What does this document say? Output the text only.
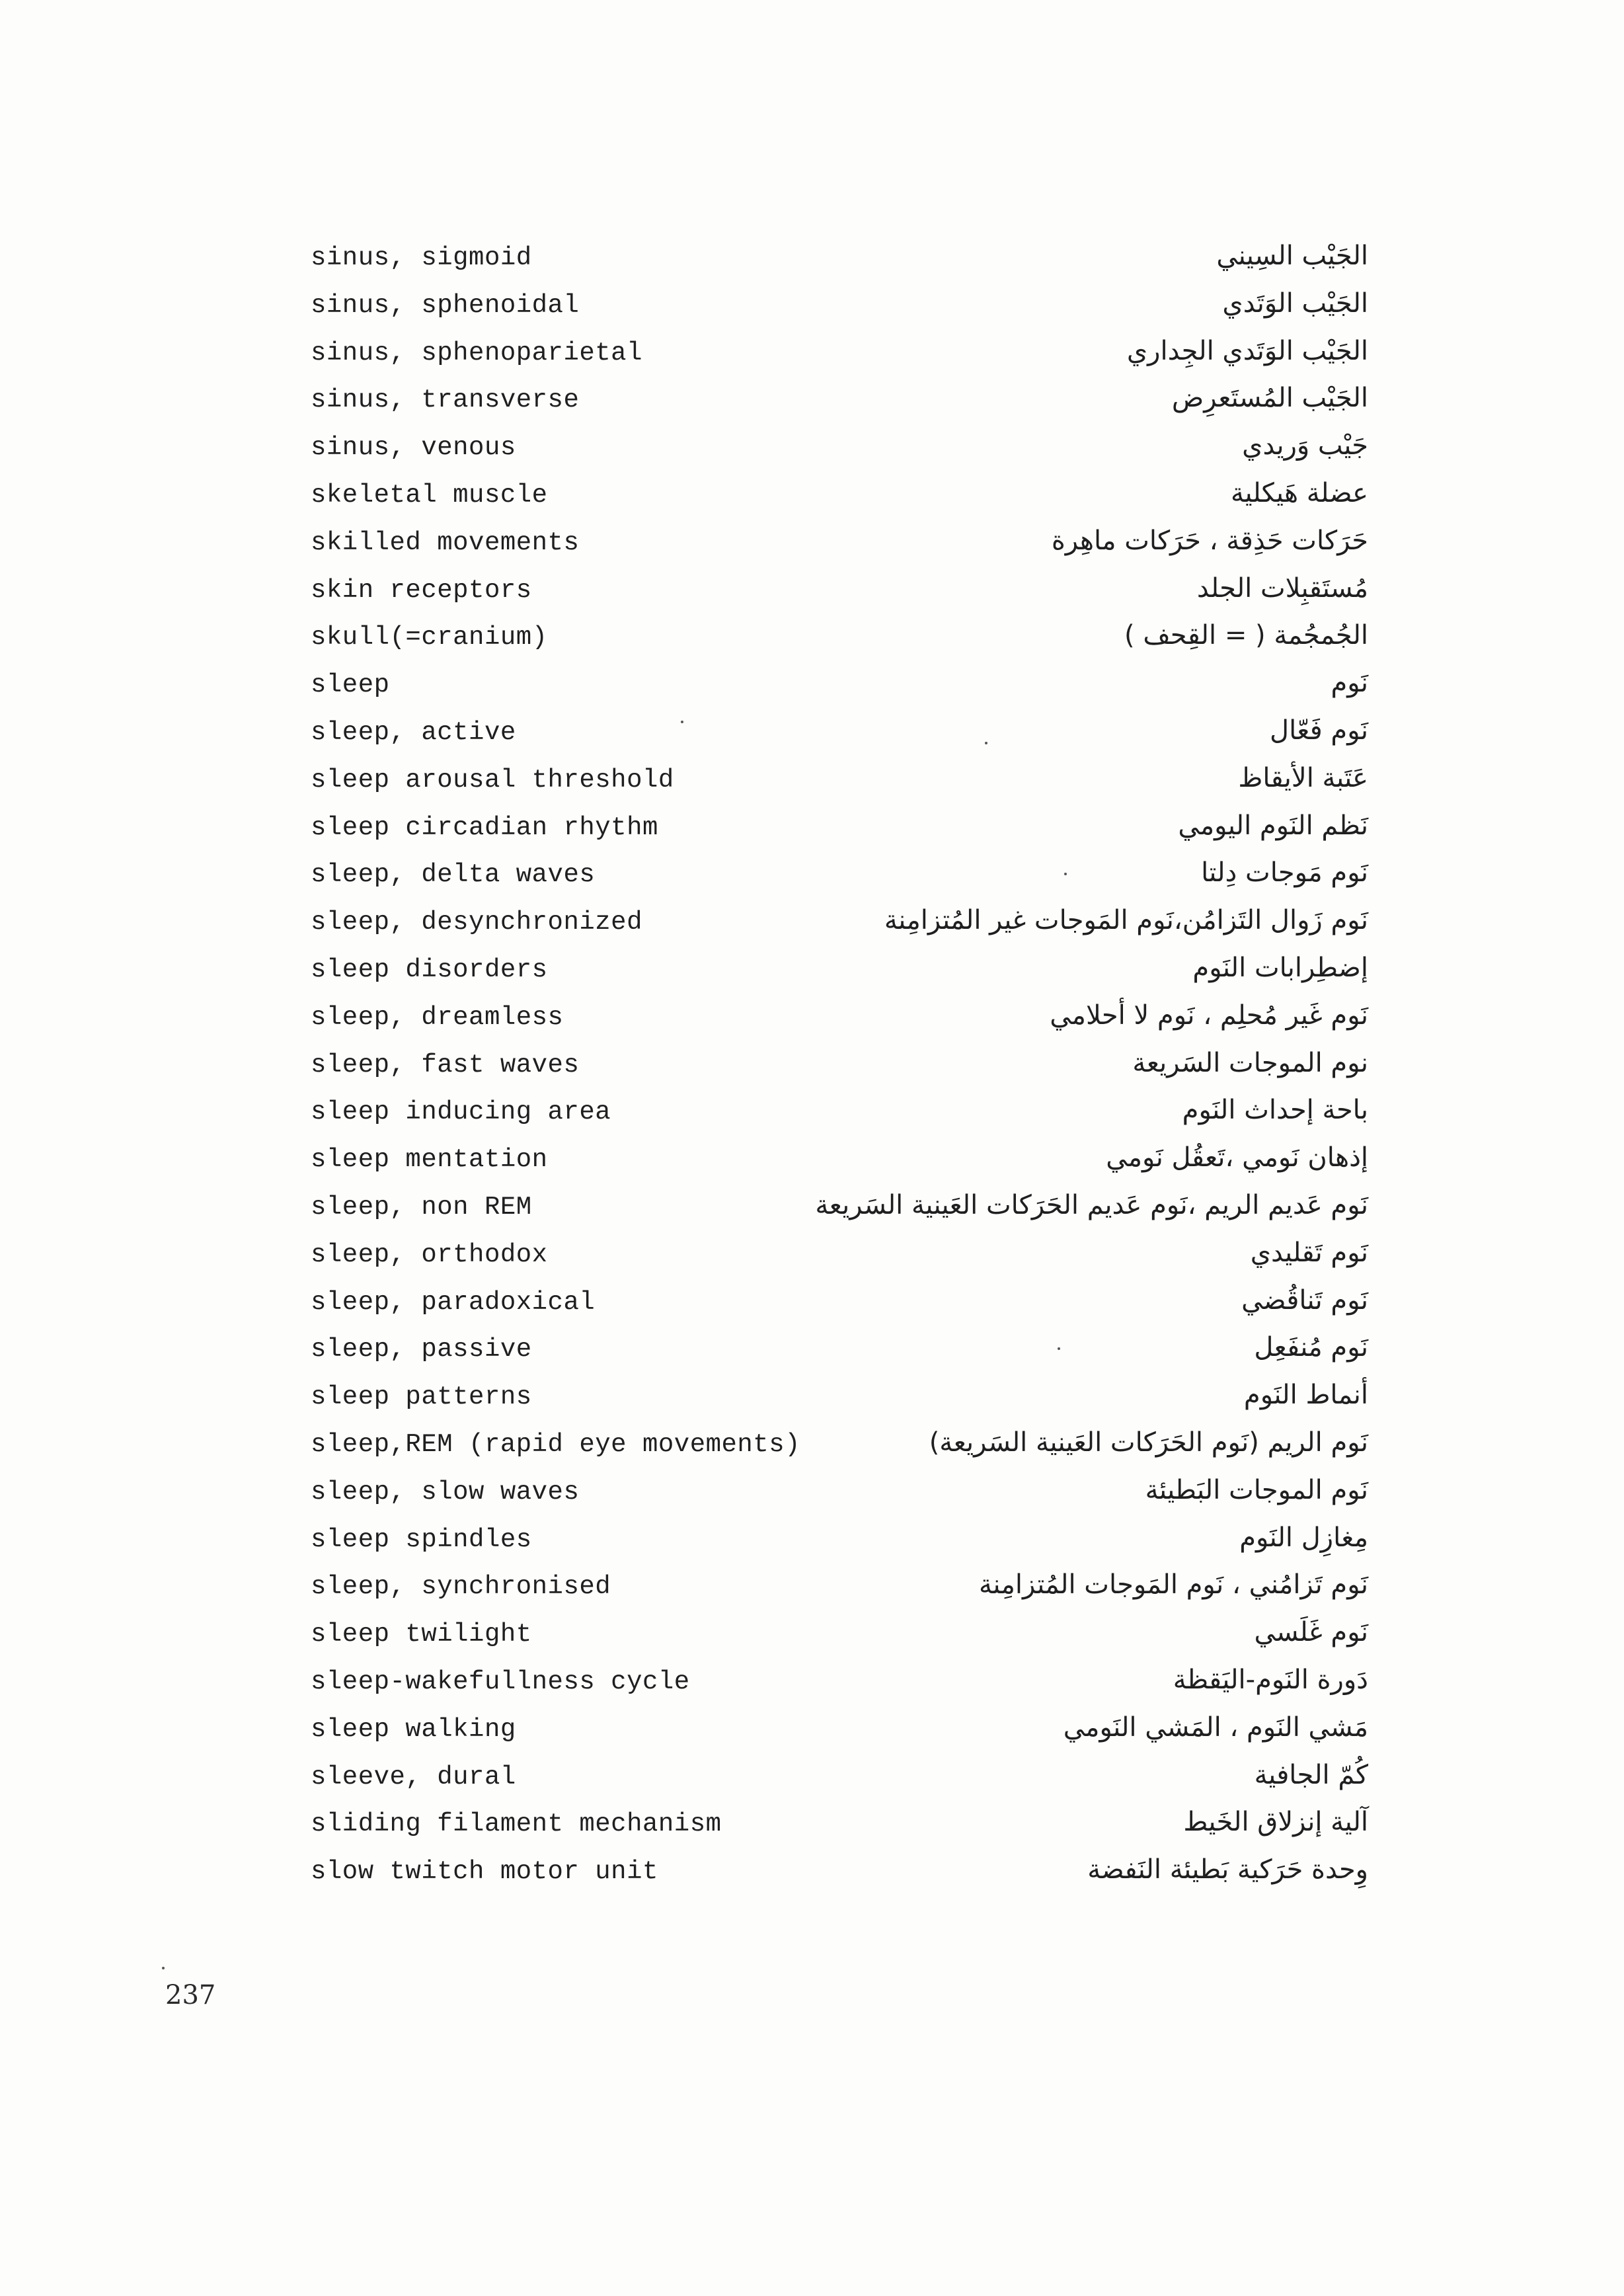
sinus, sigmoid	الجَيْب السِيني
sinus, sphenoidal	الجَيْب الوَتَدي
sinus, sphenoparietal	الجَيْب الوَتَدي الجِداري
sinus, transverse	الجَيْب المُستَعرِض
sinus, venous	جَيْب وَريدي
skeletal muscle	عضلة هَيكلية
skilled movements	حَرَكات حَذِقة ، حَرَكات ماهِرة
skin receptors	مُستَقبِلات الجلد
skull(=cranium)	الجُمجُمة ( = القِحف )
sleep	نَوم
sleep, active	نَوم فَعّال
sleep arousal threshold	عَتَبة الأيقاظ
sleep circadian rhythm	نَظم النَوم اليومي
sleep, delta waves	نَوم مَوجات دِلتا
sleep, desynchronized	نَوم زَوال التَزامُن،نَوم المَوجات غير المُتزامِنة
sleep disorders	إضطِرابات النَوم
sleep, dreamless	نَوم غَير مُحلِم ، نَوم لا أحلامي
sleep, fast waves	نوم الموجات السَريعة
sleep inducing area	باحة إحداث النَوم
sleep mentation	إذهان نَومي ،تَعقُل نَومي
sleep, non REM	نَوم عَديم الريم ،نَوم عَديم الحَرَكات العَينية السَريعة
sleep, orthodox	نَوم تَقليدي
sleep, paradoxical	نَوم تَناقُضي
sleep, passive	نَوم مُنفَعِل
sleep patterns	أنماط النَوم
sleep,REM (rapid eye movements)	نَوم الريم (نَوم الحَرَكات العَينية السَريعة)
sleep, slow waves	نَوم الموجات البَطيئة
sleep spindles	مِغازِل النَوم
sleep, synchronised	نَوم تَزامُني ، نَوم المَوجات المُتزامِنة
sleep twilight	نَوم غَلَسي
sleep-wakefullness cycle	دَورة النَوم-اليَقظة
sleep walking	مَشي النَوم ، المَشي النَومي
sleeve, dural	كُمّ الجافية
sliding filament mechanism	آلية إنزلاق الخَيط
slow twitch motor unit	وِحدة حَرَكية بَطيئة النَفضة
237
